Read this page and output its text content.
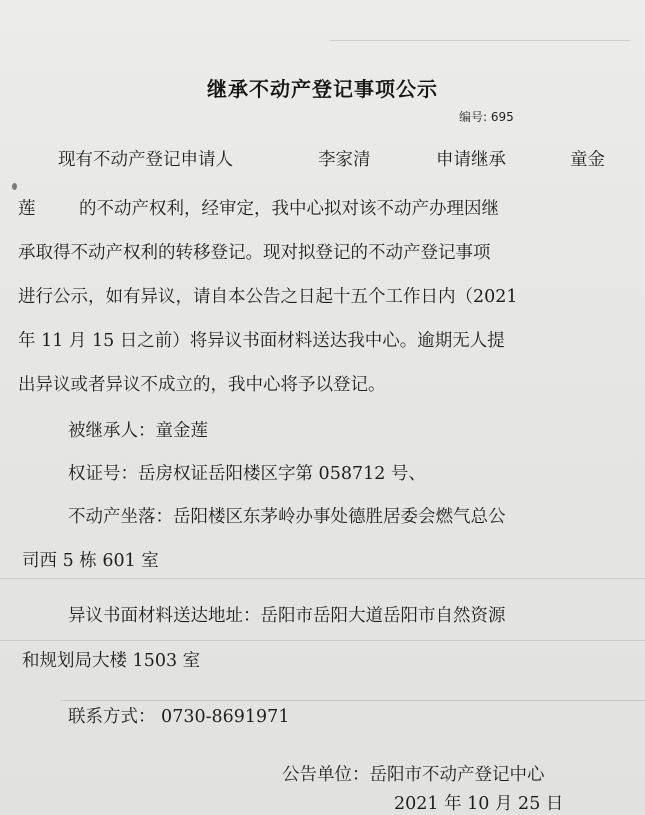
继承不动产登记事项公示
编号: 695
现有不动产登记申请人	李家清	申请继承	童金
莲 的不动产权利，经审定，我中心拟对该不动产办理因继
承取得不动产权利的转移登记。现对拟登记的不动产登记事项
进行公示，如有异议，请自本公告之日起十五个工作日内（2021
年 11 月 15 日之前）将异议书面材料送达我中心。逾期无人提
出异议或者异议不成立的，我中心将予以登记。
被继承人：童金莲
权证号：岳房权证岳阳楼区字第 058712 号、
不动产坐落：岳阳楼区东茅岭办事处德胜居委会燃气总公
司西 5 栋 601 室
异议书面材料送达地址：岳阳市岳阳大道岳阳市自然资源
和规划局大楼 1503 室
联系方式： 0730-8691971
公告单位：岳阳市不动产登记中心
2021 年 10 月 25 日
